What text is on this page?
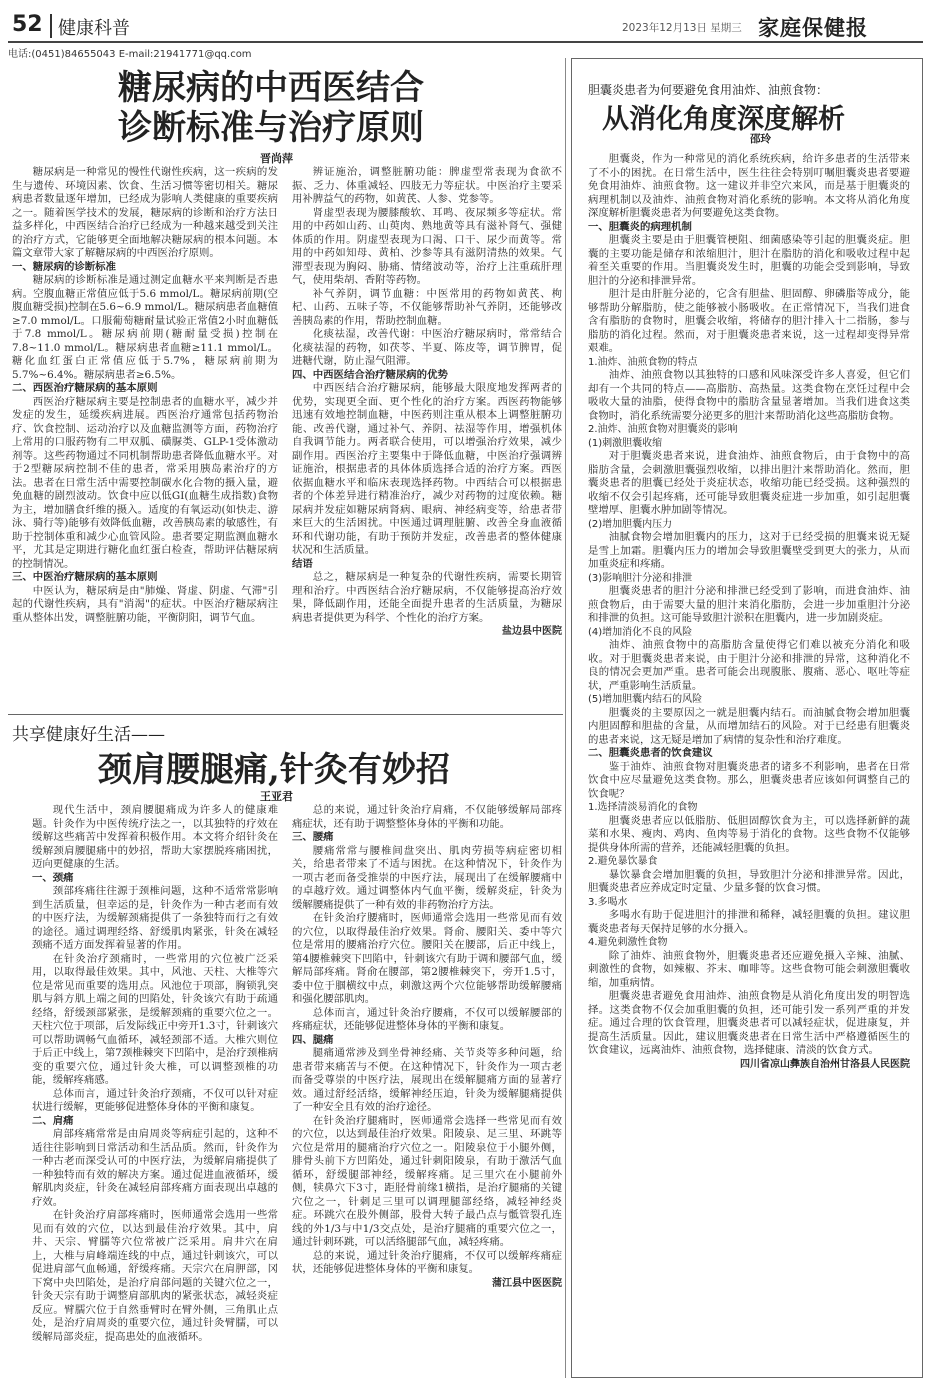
52 健康科普	2023年12月13日 星期三 家庭保健报
电话:(0451)84655043 E-mail:21941771@qq.com
糖尿病的中西医结合
诊断标准与治疗原则
晋尚萍

糖尿病是一种常见的慢性代谢性疾病，这一疾病的发生与遗传、环境因素、饮食、生活习惯等密切相关。糖尿病患者数量逐年增加，已经成为影响人类健康的重要疾病之一。随着医学技术的发展，糖尿病的诊断和治疗方法日益多样化，中西医结合治疗已经成为一种越来越受到关注的治疗方式，它能够更全面地解决糖尿病的根本问题。本篇文章带大家了解糖尿病的中西医治疗原则。

一、糖尿病的诊断标准

糖尿病的诊断标准是通过测定血糖水平来判断是否患病。空腹血糖正常值应低于5.6 mmol/L。糖尿病前期(空腹血糖受损)控制在5.6~6.9 mmol/L。糖尿病患者血糖值≥7.0 mmol/L。口服葡萄糖耐量试验正常值2小时血糖低于7.8 mmol/L。糖尿病前期(糖耐量受损)控制在7.8~11.0 mmol/L。糖尿病患者血糖≥11.1 mmol/L。糖化血红蛋白正常值应低于5.7%，糖尿病前期为5.7%~6.4%。糖尿病患者≥6.5%。

二、西医治疗糖尿病的基本原则

西医治疗糖尿病主要是控制患者的血糖水平，减少并发症的发生，延缓疾病进展。西医治疗通常包括药物治疗、饮食控制、运动治疗以及血糖监测等方面，药物治疗上常用的口服药物有二甲双胍、磺脲类、GLP-1受体激动剂等。这些药物通过不同机制帮助患者降低血糖水平。对于2型糖尿病控制不佳的患者，常采用胰岛素治疗的方法。患者在日常生活中需要控制碳水化合物的摄入量，避免血糖的剧烈波动。饮食中应以低GI(血糖生成指数)食物为主，增加膳食纤维的摄入。适度的有氧运动(如快走、游泳、骑行等)能够有效降低血糖，改善胰岛素的敏感性，有助于控制体重和减少心血管风险。患者要定期监测血糖水平，尤其是定期进行糖化血红蛋白检查，帮助评估糖尿病的控制情况。

三、中医治疗糖尿病的基本原则

中医认为，糖尿病是由"肺燥、肾虚、阴虚、气滞"引起的代谢性疾病，具有"消渴"的症状。中医治疗糖尿病注重从整体出发，调整脏腑功能，平衡阴阳，调节气血。

辨证施治，调整脏腑功能：脾虚型常表现为食欲不振、乏力、体重减轻、四肢无力等症状。中医治疗主要采用补脾益气的药物，如黄芪、人参、党参等。

肾虚型表现为腰膝酸软、耳鸣、夜尿频多等症状。常用的中药如山药、山萸肉、熟地黄等具有滋补肾气、强健体质的作用。阴虚型表现为口渴、口干、尿少而黄等。常用的中药如知母、黄柏、沙参等具有滋阴清热的效果。气滞型表现为胸闷、胁痛、情绪波动等，治疗上注重疏肝理气，使用柴胡、香附等药物。

补气养阴，调节血糖：中医常用的药物如黄芪、枸杞、山药、五味子等，不仅能够帮助补气养阴，还能够改善胰岛素的作用，帮助控制血糖。

化痰祛湿，改善代谢：中医治疗糖尿病时，常常结合化痰祛湿的药物，如茯苓、半夏、陈皮等，调节脾胃，促进糖代谢，防止湿气阻滞。

四、中西医结合治疗糖尿病的优势

中西医结合治疗糖尿病，能够最大限度地发挥两者的优势，实现更全面、更个性化的治疗方案。西医药物能够迅速有效地控制血糖，中医药则注重从根本上调整脏腑功能、改善代谢，通过补气、养阴、祛湿等作用，增强机体自我调节能力。两者联合使用，可以增强治疗效果，减少副作用。西医治疗主要集中于降低血糖，中医治疗强调辨证施治，根据患者的具体体质选择合适的治疗方案。西医依据血糖水平和临床表现选择药物。中西结合可以根据患者的个体差异进行精准治疗，减少对药物的过度依赖。糖尿病并发症如糖尿病肾病、眼病、神经病变等，给患者带来巨大的生活困扰。中医通过调理脏腑、改善全身血液循环和代谢功能，有助于预防并发症，改善患者的整体健康状况和生活质量。

结语

总之，糖尿病是一种复杂的代谢性疾病，需要长期管理和治疗。中西医结合治疗糖尿病，不仅能够提高治疗效果，降低副作用，还能全面提升患者的生活质量，为糖尿病患者提供更为科学、个性化的治疗方案。

盐边县中医院

共享健康好生活——
颈肩腰腿痛,针灸有妙招
王亚君

现代生活中，颈肩腰腿痛成为许多人的健康难题。针灸作为中医传统疗法之一，以其独特的疗效在缓解这些痛苦中发挥着积极作用。本文将介绍针灸在缓解颈肩腰腿痛中的妙招，帮助大家摆脱疼痛困扰，迈向更健康的生活。

一、颈痛

颈部疼痛往往源于颈椎问题，这种不适常常影响到生活质量，但幸运的是，针灸作为一种古老而有效的中医疗法，为缓解颈痛提供了一条独特而行之有效的途径。通过调理经络、舒缓肌肉紧张，针灸在减轻颈痛不适方面发挥着显著的作用。

在针灸治疗颈痛时，一些常用的穴位被广泛采用，以取得最佳效果。其中，风池、天柱、大椎等穴位是常见而重要的选用点。风池位于项部，胸锁乳突肌与斜方肌上端之间的凹陷处，针灸该穴有助于疏通经络，舒缓颈部紧张，是缓解颈痛的重要穴位之一。天柱穴位于项部，后发际线正中旁开1.3寸，针刺该穴可以帮助调畅气血循环，减轻颈部不适。大椎穴则位于后正中线上，第7颈椎棘突下凹陷中，是治疗颈椎病变的重要穴位，通过针灸大椎，可以调整颈椎的功能，缓解疼痛感。

总体而言，通过针灸治疗颈痛，不仅可以针对症状进行缓解，更能够促进整体身体的平衡和康复。

二、肩痛

肩部疼痛常常是由肩周炎等病症引起的，这种不适往往影响到日常活动和生活品质。然而，针灸作为一种古老而深受认可的中医疗法，为缓解肩痛提供了一种独特而有效的解决方案。通过促进血液循环，缓解肌肉炎症，针灸在减轻肩部疼痛方面表现出卓越的疗效。

在针灸治疗肩部疼痛时，医师通常会选用一些常见而有效的穴位，以达到最佳治疗效果。其中，肩井、天宗、臂臑等穴位常被广泛采用。肩井穴在肩上，大椎与肩峰端连线的中点，通过针刺该穴，可以促进肩部气血畅通，舒缓疼痛。天宗穴在肩胛部，冈下窝中央凹陷处，是治疗肩部问题的关键穴位之一，针灸天宗有助于调整肩部肌肉的紧张状态，减轻炎症反应。臂臑穴位于自然垂臂时在臂外侧，三角肌止点处，是治疗肩周炎的重要穴位，通过针灸臂臑，可以缓解局部炎症，提高患处的血液循环。

总的来说，通过针灸治疗肩痛，不仅能够缓解局部疼痛症状，还有助于调整整体身体的平衡和功能。

三、腰痛

腰痛常常与腰椎间盘突出、肌肉劳损等病症密切相关，给患者带来了不适与困扰。在这种情况下，针灸作为一项古老而备受推崇的中医疗法，展现出了在缓解腰痛中的卓越疗效。通过调整体内气血平衡，缓解炎症，针灸为缓解腰痛提供了一种有效的非药物治疗方法。

在针灸治疗腰痛时，医师通常会选用一些常见而有效的穴位，以取得最佳治疗效果。肾俞、腰阳关、委中等穴位是常用的腰痛治疗穴位。腰阳关在腰部，后正中线上，第4腰椎棘突下凹陷中，针刺该穴有助于调和腰部气血，缓解局部疼痛。肾俞在腰部，第2腰椎棘突下，旁开1.5寸，委中位于腘横纹中点，刺激这两个穴位能够帮助缓解腰痛和强化腰部肌肉。

总体而言，通过针灸治疗腰痛，不仅可以缓解腰部的疼痛症状，还能够促进整体身体的平衡和康复。

四、腿痛

腿痛通常涉及到坐骨神经痛、关节炎等多种问题，给患者带来痛苦与不便。在这种情况下，针灸作为一项古老而备受尊崇的中医疗法，展现出在缓解腿痛方面的显著疗效。通过舒经活络，缓解神经压迫，针灸为缓解腿痛提供了一种安全且有效的治疗途径。

在针灸治疗腿痛时，医师通常会选择一些常见而有效的穴位，以达到最佳治疗效果。阳陵泉、足三里、环跳等穴位是常用的腿痛治疗穴位之一。阳陵泉位于小腿外侧，腓骨头前下方凹陷处，通过针刺阳陵泉，有助于激活气血循环，舒缓腿部神经，缓解疼痛。足三里穴在小腿前外侧，犊鼻穴下3寸，距胫骨前缘1横指，是治疗腿痛的关键穴位之一，针刺足三里可以调理腿部经络，减轻神经炎症。环跳穴在股外侧部，股骨大转子最凸点与骶管裂孔连线的外1/3与中1/3交点处，是治疗腿痛的重要穴位之一，通过针刺环跳，可以活络腿部气血，减轻疼痛。

总的来说，通过针灸治疗腿痛，不仅可以缓解疼痛症状，还能够促进整体身体的平衡和康复。

蒲江县中医医院

胆囊炎患者为何要避免食用油炸、油煎食物：
从消化角度深度解析
邵玲

胆囊炎，作为一种常见的消化系统疾病，给许多患者的生活带来了不小的困扰。在日常生活中，医生往往会特别叮嘱胆囊炎患者要避免食用油炸、油煎食物。这一建议并非空穴来风，而是基于胆囊炎的病理机制以及油炸、油煎食物对消化系统的影响。本文将从消化角度深度解析胆囊炎患者为何要避免这类食物。

一、胆囊炎的病理机制

胆囊炎主要是由于胆囊管梗阻、细菌感染等引起的胆囊炎症。胆囊的主要功能是储存和浓缩胆汁，胆汁在脂肪的消化和吸收过程中起着至关重要的作用。当胆囊炎发生时，胆囊的功能会受到影响，导致胆汁的分泌和排泄异常。

胆汁是由肝脏分泌的，它含有胆盐、胆固醇、卵磷脂等成分，能够帮助分解脂肪，使之能够被小肠吸收。在正常情况下，当我们进食含有脂肪的食物时，胆囊会收缩，将储存的胆汁排入十二指肠，参与脂肪的消化过程。然而，对于胆囊炎患者来说，这一过程却变得异常艰难。

1.油炸、油煎食物的特点

油炸、油煎食物以其独特的口感和风味深受许多人喜爱，但它们却有一个共同的特点——高脂肪、高热量。这类食物在烹饪过程中会吸收大量的油脂，使得食物中的脂肪含量显著增加。当我们进食这类食物时，消化系统需要分泌更多的胆汁来帮助消化这些高脂肪食物。

2.油炸、油煎食物对胆囊炎的影响

(1)刺激胆囊收缩

对于胆囊炎患者来说，进食油炸、油煎食物后，由于食物中的高脂肪含量，会刺激胆囊强烈收缩，以排出胆汁来帮助消化。然而，胆囊炎患者的胆囊已经处于炎症状态，收缩功能已经受损。这种强烈的收缩不仅会引起疼痛，还可能导致胆囊炎症进一步加重，如引起胆囊壁增厚、胆囊水肿加剧等情况。

(2)增加胆囊内压力

油腻食物会增加胆囊内的压力，这对于已经受损的胆囊来说无疑是雪上加霜。胆囊内压力的增加会导致胆囊壁受到更大的张力，从而加重炎症和疼痛。

(3)影响胆汁分泌和排泄

胆囊炎患者的胆汁分泌和排泄已经受到了影响，而进食油炸、油煎食物后，由于需要大量的胆汁来消化脂肪，会进一步加重胆汁分泌和排泄的负担。这可能导致胆汁淤积在胆囊内，进一步加剧炎症。

(4)增加消化不良的风险

油炸、油煎食物中的高脂肪含量使得它们难以被充分消化和吸收。对于胆囊炎患者来说，由于胆汁分泌和排泄的异常，这种消化不良的情况会更加严重。患者可能会出现腹胀、腹痛、恶心、呕吐等症状，严重影响生活质量。

(5)增加胆囊内结石的风险

胆囊炎的主要原因之一就是胆囊内结石。而油腻食物会增加胆囊内胆固醇和胆盐的含量，从而增加结石的风险。对于已经患有胆囊炎的患者来说，这无疑是增加了病情的复杂性和治疗难度。

二、胆囊炎患者的饮食建议

鉴于油炸、油煎食物对胆囊炎患者的诸多不利影响，患者在日常饮食中应尽量避免这类食物。那么，胆囊炎患者应该如何调整自己的饮食呢？

1.选择清淡易消化的食物

胆囊炎患者应以低脂肪、低胆固醇饮食为主，可以选择新鲜的蔬菜和水果、瘦肉、鸡肉、鱼肉等易于消化的食物。这些食物不仅能够提供身体所需的营养，还能减轻胆囊的负担。

2.避免暴饮暴食

暴饮暴食会增加胆囊的负担，导致胆汁分泌和排泄异常。因此，胆囊炎患者应养成定时定量、少量多餐的饮食习惯。

3.多喝水

多喝水有助于促进胆汁的排泄和稀释，减轻胆囊的负担。建议胆囊炎患者每天保持足够的水分摄入。

4.避免刺激性食物

除了油炸、油煎食物外，胆囊炎患者还应避免摄入辛辣、油腻、刺激性的食物，如辣椒、芥末、咖啡等。这些食物可能会刺激胆囊收缩，加重病情。

胆囊炎患者避免食用油炸、油煎食物是从消化角度出发的明智选择。这类食物不仅会加重胆囊的负担，还可能引发一系列严重的并发症。通过合理的饮食管理，胆囊炎患者可以减轻症状，促进康复，并提高生活质量。因此，建议胆囊炎患者在日常生活中严格遵循医生的饮食建议，远离油炸、油煎食物，选择健康、清淡的饮食方式。

四川省凉山彝族自治州甘洛县人民医院
